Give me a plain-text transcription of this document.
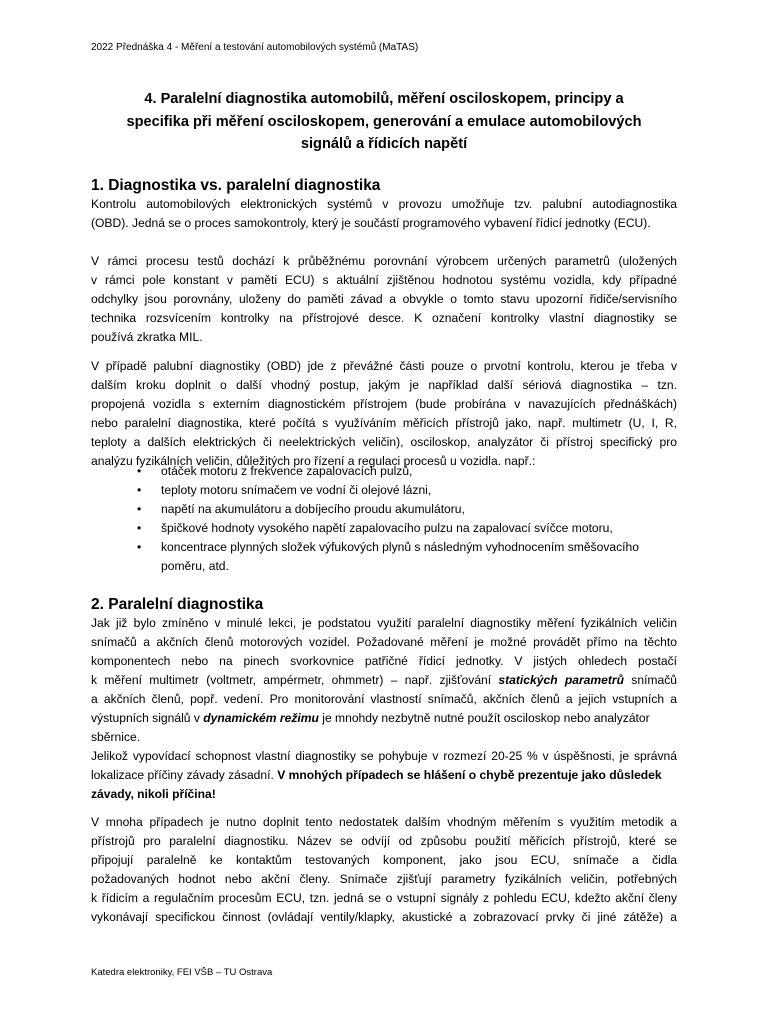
2022 Přednáška 4 - Měření a testování automobilových systémů (MaTAS)
4. Paralelní diagnostika automobilů, měření osciloskopem, principy a
specifika při měření osciloskopem, generování a emulace automobilových
signálů a řídicích napětí
1. Diagnostika vs. paralelní diagnostika
Kontrolu automobilových elektronických systémů v provozu umožňuje tzv. palubní autodiagnostika
(OBD). Jedná se o proces samokontroly, který je součástí programového vybavení řídicí jednotky (ECU).
V rámci procesu testů dochází k průběžnému porovnání výrobcem určených parametrů (uložených
v rámci pole konstant v paměti ECU) s aktuální zjištěnou hodnotou systému vozidla, kdy případné
odchylky jsou porovnány, uloženy do paměti závad a obvykle o tomto stavu upozorní řidiče/servisního
technika rozsvícením kontrolky na přístrojové desce. K označení kontrolky vlastní diagnostiky se
používá zkratka MIL.
V případě palubní diagnostiky (OBD) jde z převážné části pouze o prvotní kontrolu, kterou je třeba v
dalším kroku doplnit o další vhodný postup, jakým je například další sériová diagnostika – tzn.
propojená vozidla s externím diagnostickém přístrojem (bude probírána v navazujících přednáškách)
nebo paralelní diagnostika, které počítá s využíváním měřicích přístrojů jako, např. multimetr (U, I, R,
teploty a dalších elektrických či neelektrických veličin), osciloskop, analyzátor či přístroj specifický pro
analýzu fyzikálních veličin, důležitých pro řízení a regulaci procesů u vozidla. např.:
• otáček motoru z frekvence zapalovacích pulzů,
• teploty motoru snímačem ve vodní či olejové lázni,
• napětí na akumulátoru a dobíjecího proudu akumulátoru,
• špičkové hodnoty vysokého napětí zapalovacího pulzu na zapalovací svíčce motoru,
• koncentrace plynných složek výfukových plynů s následným vyhodnocením směšovacího
poměru, atd.
2. Paralelní diagnostika
Jak již bylo zmíněno v minulé lekci, je podstatou využití paralelní diagnostiky měření fyzikálních veličin
snímačů a akčních členů motorových vozidel. Požadované měření je možné provádět přímo na těchto
komponentech nebo na pinech svorkovnice patřičné řídicí jednotky. V jistých ohledech postačí
k měření multimetr (voltmetr, ampérmetr, ohmmetr) – např. zjišťování statických parametrů snímačů
a akčních členů, popř. vedení. Pro monitorování vlastností snímačů, akčních členů a jejich vstupních a
výstupních signálů v dynamickém režimu je mnohdy nezbytně nutné použít osciloskop nebo analyzátor
sběrnice.
Jelikož vypovídací schopnost vlastní diagnostiky se pohybuje v rozmezí 20-25 % v úspěšnosti, je správná
lokalizace příčiny závady zásadní. V mnohých případech se hlášení o chybě prezentuje jako důsledek
závady, nikoli příčina!
V mnoha případech je nutno doplnit tento nedostatek dalším vhodným měřením s využitím metodik a
přístrojů pro paralelní diagnostiku. Název se odvíjí od způsobu použití měřicích přístrojů, které se
připojují paralelně ke kontaktům testovaných komponent, jako jsou ECU, snímače a čidla
požadovaných hodnot nebo akční členy. Snímače zjišťují parametry fyzikálních veličin, potřebných
k řídicím a regulačním procesům ECU, tzn. jedná se o vstupní signály z pohledu ECU, kdežto akční členy
vykonávají specifickou činnost (ovládají ventily/klapky, akustické a zobrazovací prvky či jiné zátěže) a
Katedra elektroniky, FEI VŠB – TU Ostrava
